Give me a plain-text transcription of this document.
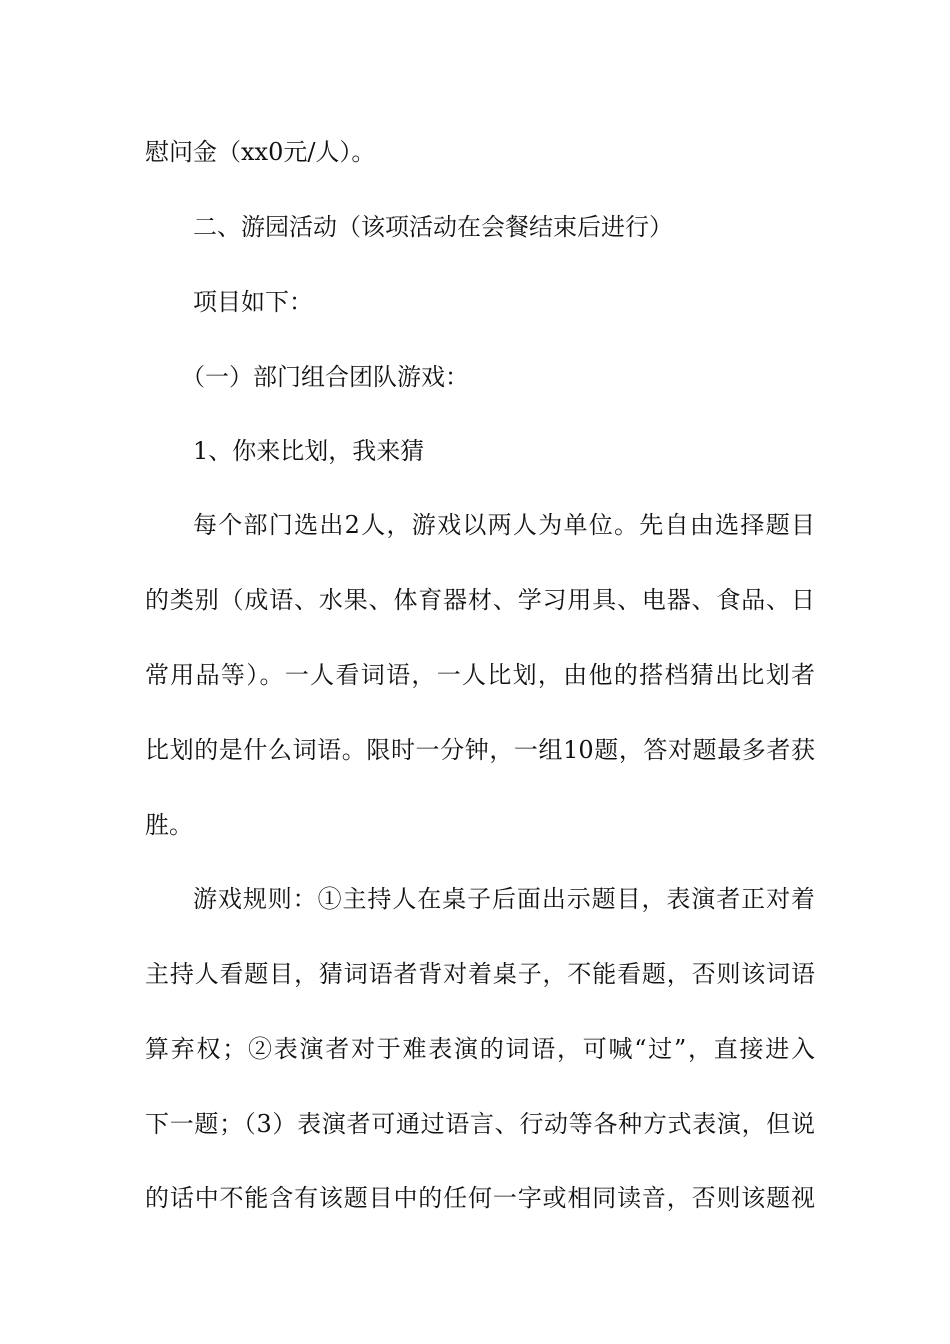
慰问金（xx0元/人）。
二、游园活动（该项活动在会餐结束后进行）
项目如下：
（一）部门组合团队游戏：
1、你来比划，我来猜
每个部门选出2人，游戏以两人为单位。先自由选择题目
的类别（成语、水果、体育器材、学习用具、电器、食品、日
常用品等）。一人看词语，一人比划，由他的搭档猜出比划者
比划的是什么词语。限时一分钟，一组10题，答对题最多者获
胜。
游戏规则：①主持人在桌子后面出示题目，表演者正对着
主持人看题目，猜词语者背对着桌子，不能看题，否则该词语
算弃权；②表演者对于难表演的词语，可喊“过”，直接进入
下一题；（3）表演者可通过语言、行动等各种方式表演，但说
的话中不能含有该题目中的任何一字或相同读音，否则该题视
